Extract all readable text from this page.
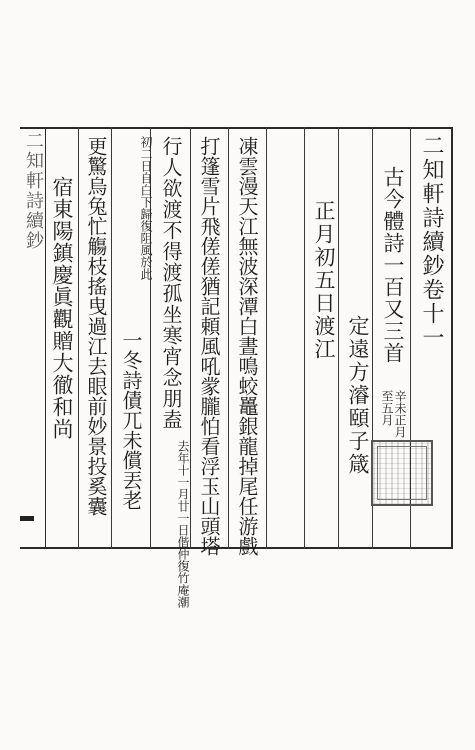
二知軒詩續鈔	二知軒詩續鈔卷十一
古今體詩一百又三首
辛未正月
至五月
定遠方濬頤子箴
正月初五日渡江
凍雲漫天江無波深潭白晝鳴蛟鼉銀龍掉尾任游戲
打篷雪片飛傞傞猶記頼風吼䝉朧怕看浮玉山頭塔
行人欲渡不得渡孤坐寒宵念朋盍
去年十一月廿一日偕仲復竹庵潮
初二日自白下歸復阻風於此
一冬詩債兀未償丟老
更驚烏兔忙觴枝搖曳過江去眼前妙景投奚囊
宿東陽鎮慶眞觀贈大徹和尚
